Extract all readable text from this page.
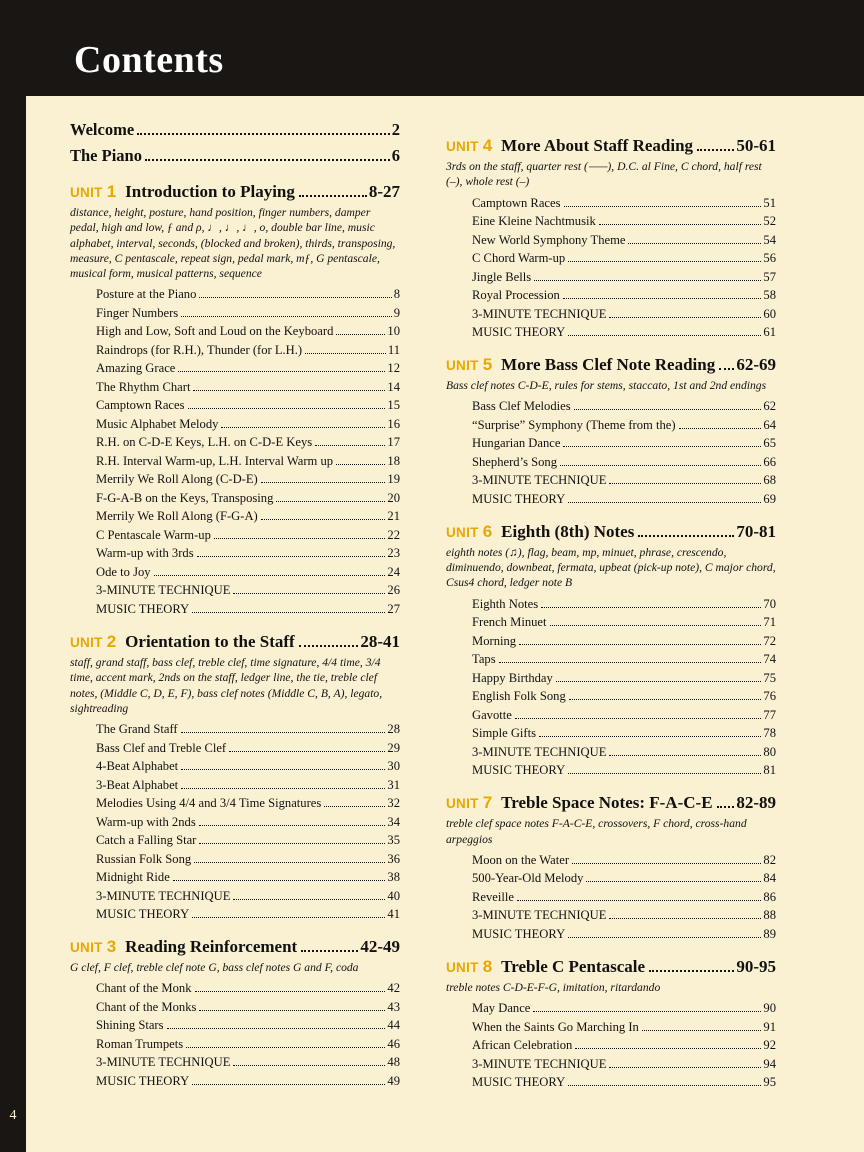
Contents
4
Welcome	2
The Piano	6
UNIT 1 Introduction to Playing	8-27
distance, height, posture, hand position, finger numbers, damper pedal, high and low, ƒ and ρ, ♩, ♩, ♩, o, double bar line, music alphabet, interval, seconds, (blocked and broken), thirds, transposing, measure, C pentascale, repeat sign, pedal mark, mƒ, G pentascale, musical form, musical patterns, sequence
Posture at the Piano	8
Finger Numbers	9
High and Low, Soft and Loud on the Keyboard	10
Raindrops (for R.H.), Thunder (for L.H.)	11
Amazing Grace	12
The Rhythm Chart	14
Camptown Races	15
Music Alphabet Melody	16
R.H. on C-D-E Keys, L.H. on C-D-E Keys	17
R.H. Interval Warm-up, L.H. Interval Warm up	18
Merrily We Roll Along (C-D-E)	19
F-G-A-B on the Keys, Transposing	20
Merrily We Roll Along (F-G-A)	21
C Pentascale Warm-up	22
Warm-up with 3rds	23
Ode to Joy	24
3-MINUTE TECHNIQUE	26
MUSIC THEORY	27
UNIT 2 Orientation to the Staff	28-41
staff, grand staff, bass clef, treble clef, time signature, 4/4 time, 3/4 time, accent mark, 2nds on the staff, ledger line, the tie, treble clef notes, (Middle C, D, E, F), bass clef notes (Middle C, B, A), legato, sightreading
The Grand Staff	28
Bass Clef and Treble Clef	29
4-Beat Alphabet	30
3-Beat Alphabet	31
Melodies Using 4/4 and 3/4 Time Signatures	32
Warm-up with 2nds	34
Catch a Falling Star	35
Russian Folk Song	36
Midnight Ride	38
3-MINUTE TECHNIQUE	40
MUSIC THEORY	41
UNIT 3 Reading Reinforcement	42-49
G clef, F clef, treble clef note G, bass clef notes G and F, coda
Chant of the Monk	42
Chant of the Monks	43
Shining Stars	44
Roman Trumpets	46
3-MINUTE TECHNIQUE	48
MUSIC THEORY	49
UNIT 4 More About Staff Reading	50-61
3rds on the staff, quarter rest (⸺), D.C. al Fine, C chord, half rest (–), whole rest (–)
Camptown Races	51
Eine Kleine Nachtmusik	52
New World Symphony Theme	54
C Chord Warm-up	56
Jingle Bells	57
Royal Procession	58
3-MINUTE TECHNIQUE	60
MUSIC THEORY	61
UNIT 5 More Bass Clef Note Reading 62-69
Bass clef notes C-D-E, rules for stems, staccato, 1st and 2nd endings
Bass Clef Melodies	62
“Surprise” Symphony (Theme from the)	64
Hungarian Dance	65
Shepherd’s Song	66
3-MINUTE TECHNIQUE	68
MUSIC THEORY	69
UNIT 6 Eighth (8th) Notes	70-81
eighth notes (♫), flag, beam, mp, minuet, phrase, crescendo, diminuendo, downbeat, fermata, upbeat (pick-up note), C major chord, Csus4 chord, ledger note B
Eighth Notes	70
French Minuet	71
Morning	72
Taps	74
Happy Birthday	75
English Folk Song	76
Gavotte	77
Simple Gifts	78
3-MINUTE TECHNIQUE	80
MUSIC THEORY	81
UNIT 7 Treble Space Notes: F-A-C-E 82-89
treble clef space notes F-A-C-E, crossovers, F chord, cross-hand arpeggios
Moon on the Water	82
500-Year-Old Melody	84
Reveille	86
3-MINUTE TECHNIQUE	88
MUSIC THEORY	89
UNIT 8 Treble C Pentascale	90-95
treble notes C-D-E-F-G, imitation, ritardando
May Dance	90
When the Saints Go Marching In	91
African Celebration	92
3-MINUTE TECHNIQUE	94
MUSIC THEORY	95
